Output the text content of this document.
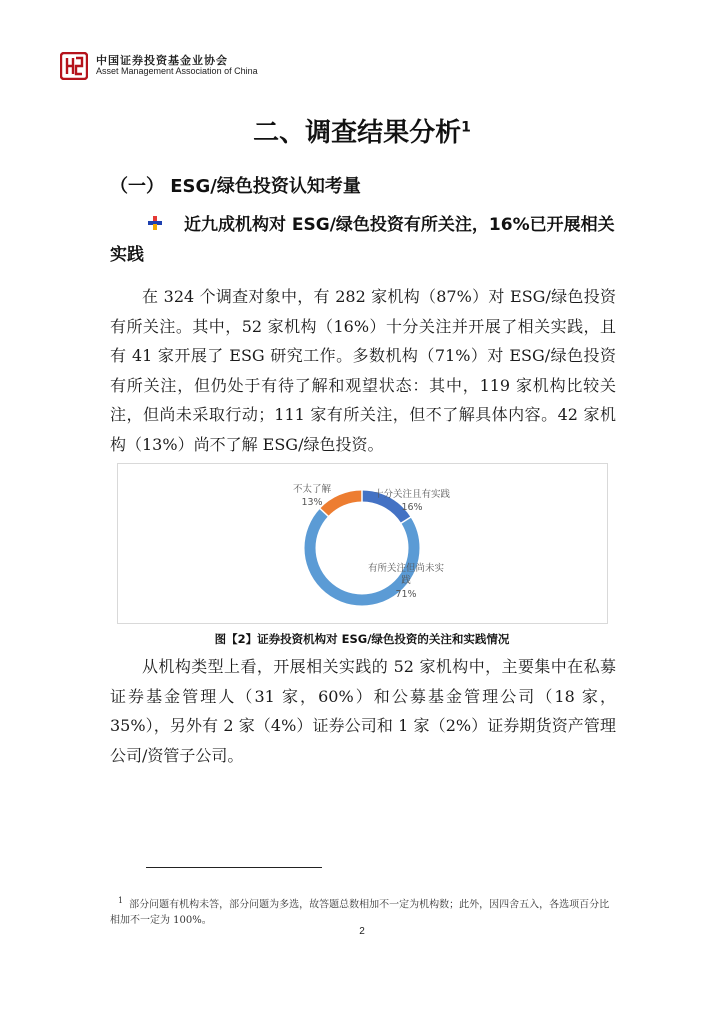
中国证券投资基金业协会
Asset Management Association of China
二、调查结果分析$^1$
（一） ESG/绿色投资认知考量
近九成机构对 ESG/绿色投资有所关注，16%已开展相关实践
在 324 个调查对象中，有 282 家机构（87%）对 ESG/绿色投资有所关注。其中，52 家机构（16%）十分关注并开展了相关实践，且有 41 家开展了 ESG 研究工作。多数机构（71%）对 ESG/绿色投资有所关注，但仍处于有待了解和观望状态：其中，119 家机构比较关注，但尚未采取行动；111 家有所关注，但不了解具体内容。42 家机构（13%）尚不了解 ESG/绿色投资。
十分关注且有实践
16%
有所关注但尚未实践
71%
不太了解
13%
图【2】证券投资机构对 ESG/绿色投资的关注和实践情况
从机构类型上看，开展相关实践的 52 家机构中，主要集中在私募证券基金管理人（31 家，60%）和公募基金管理公司（18 家，35%），另外有 2 家（4%）证券公司和 1 家（2%）证券期货资产管理公司/资管子公司。
$^1$ 部分问题有机构未答，部分问题为多选，故答题总数相加不一定为机构数；此外，因四舍五入，各选项百分比相加不一定为 100%。
2
